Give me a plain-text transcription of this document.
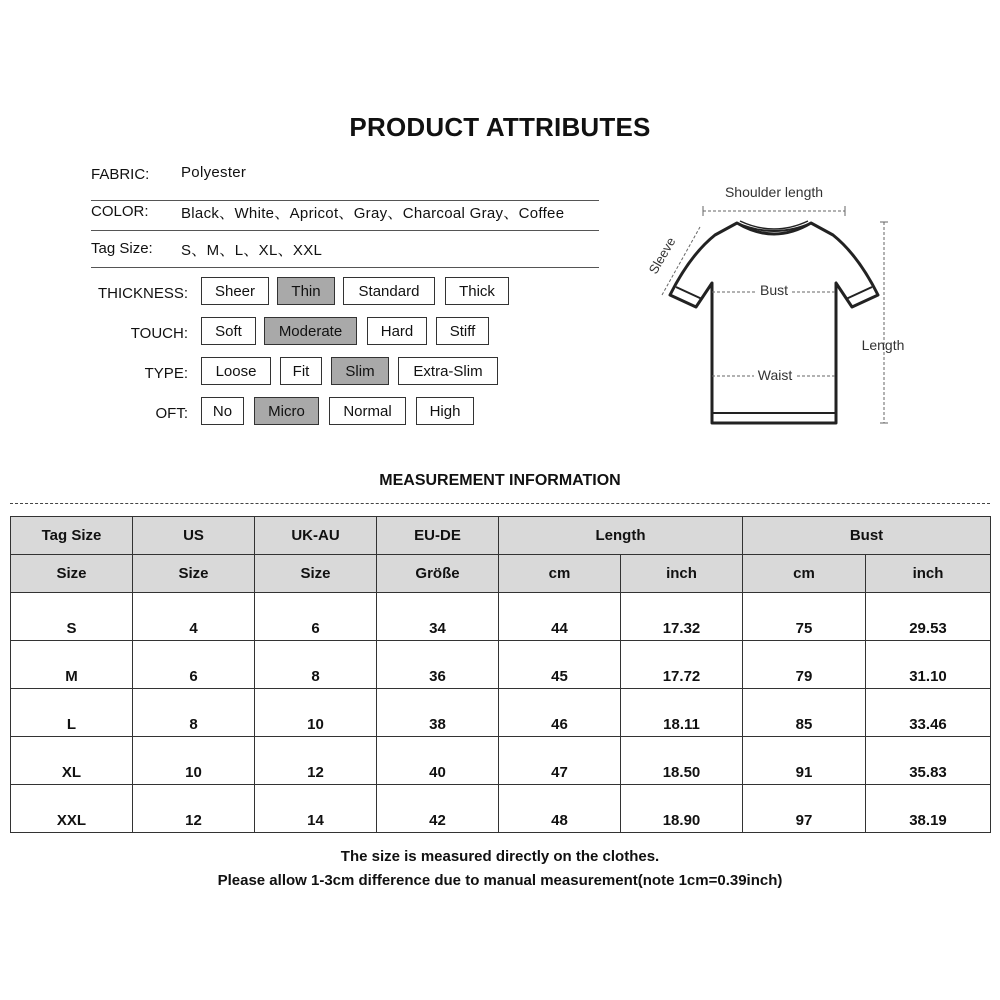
PRODUCT ATTRIBUTES
FABRIC: Polyester
COLOR: Black、White、Apricot、Gray、Charcoal Gray、Coffee
Tag Size: S、M、L、XL、XXL
THICKNESS:	Sheer	Thin	Standard	Thick
TOUCH:	Soft	Moderate	Hard	Stiff
TYPE:	Loose	Fit	Slim	Extra-Slim
OFT:	No	Micro	Normal	High
Shoulder length
Sleeve
Bust
Waist
Length
MEASUREMENT INFORMATION
Tag Size	US	UK-AU	EU-DE	Length		Bust	
Size	Size	Size	Größe	cm	inch	cm	inch
S	4	6	34	44	17.32	75	29.53
M	6	8	36	45	17.72	79	31.10
L	8	10	38	46	18.11	85	33.46
XL	10	12	40	47	18.50	91	35.83
XXL	12	14	42	48	18.90	97	38.19
The size is measured directly on the clothes.
Please allow 1-3cm difference due to manual measurement(note 1cm=0.39inch)
